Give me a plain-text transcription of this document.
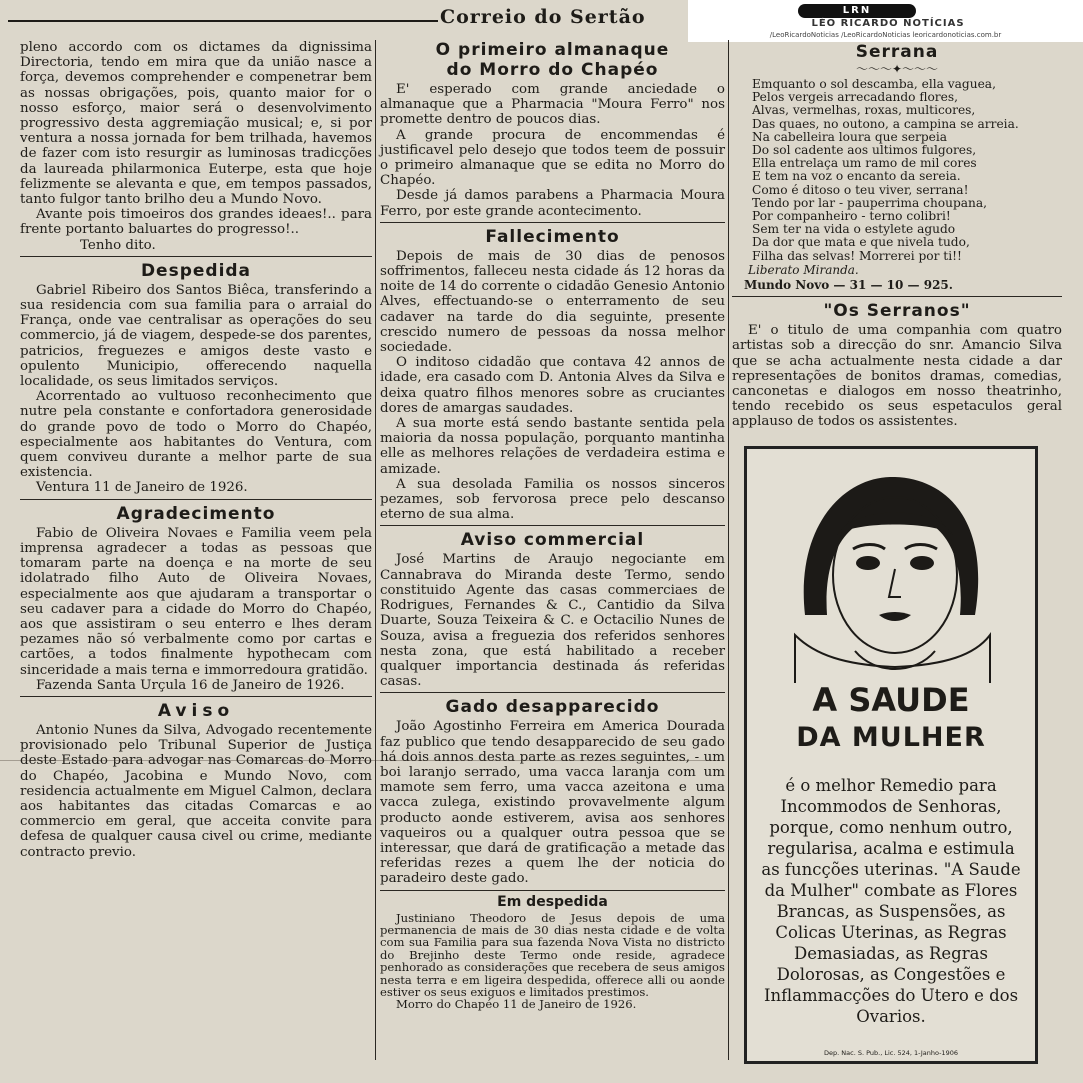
Correio do Sertão	LRN
LÉO RICARDO NOTÍCIAS
/LeoRicardoNoticias /LeoRicardoNoticias leoricardonoticias.com.br

pleno accordo com os dictames da dignissima Directoria, tendo em mira que da união nasce a força, devemos comprehender e compenetrar bem as nossas obrigações, pois, quanto maior for o nosso esforço, maior será o desenvolvimento progressivo desta aggremiação musical; e, si por ventura a nossa jornada for bem trilhada, havemos de fazer com isto resurgir as luminosas tradicções da laureada philarmonica Euterpe, esta que hoje felizmente se alevanta e que, em tempos passados, tanto fulgor tanto brilho deu a Mundo Novo.

Avante pois timoeiros dos grandes ideaes!.. para frente portanto baluartes do progresso!..

Tenho dito.

Despedida

Gabriel Ribeiro dos Santos Biêca, transferindo a sua residencia com sua familia para o arraial do França, onde vae centralisar as operações do seu commercio, já de viagem, despede-se dos parentes, patricios, freguezes e amigos deste vasto e opulento Municipio, offerecendo naquella localidade, os seus limitados serviços.

Acorrentado ao vultuoso reconhecimento que nutre pela constante e confortadora generosidade do grande povo de todo o Morro do Chapéo, especialmente aos habitantes do Ventura, com quem conviveu durante a melhor parte de sua existencia.

Ventura 11 de Janeiro de 1926.

Agradecimento

Fabio de Oliveira Novaes e Familia veem pela imprensa agradecer a todas as pessoas que tomaram parte na doença e na morte de seu idolatrado filho Auto de Oliveira Novaes, especialmente aos que ajudaram a transportar o seu cadaver para a cidade do Morro do Chapéo, aos que assistiram o seu enterro e lhes deram pezames não só verbalmente como por cartas e cartões, a todos finalmente hypothecam com sinceridade a mais terna e immorredoura gratidão.

Fazenda Santa Urçula 16 de Janeiro de 1926.

Aviso

Antonio Nunes da Silva, Advogado recentemente provisionado pelo Tribunal Superior de Justiça deste Estado para advogar nas Comarcas do Morro do Chapéo, Jacobina e Mundo Novo, com residencia actualmente em Miguel Calmon, declara aos habitantes das citadas Comarcas e ao commercio em geral, que acceita convite para defesa de qualquer causa civel ou crime, mediante contracto previo.

O primeiro almanaque
do Morro do Chapéo

E' esperado com grande anciedade o almanaque que a Pharmacia "Moura Ferro" nos promette dentro de poucos dias.

A grande procura de encommendas é justificavel pelo desejo que todos teem de possuir o primeiro almanaque que se edita no Morro do Chapéo.

Desde já damos parabens a Pharmacia Moura Ferro, por este grande acontecimento.

Fallecimento

Depois de mais de 30 dias de penosos soffrimentos, falleceu nesta cidade ás 12 horas da noite de 14 do corrente o cidadão Genesio Antonio Alves, effectuando-se o enterramento de seu cadaver na tarde do dia seguinte, presente crescido numero de pessoas da nossa melhor sociedade.

O inditoso cidadão que contava 42 annos de idade, era casado com D. Antonia Alves da Silva e deixa quatro filhos menores sobre as cruciantes dores de amargas saudades.

A sua morte está sendo bastante sentida pela maioria da nossa população, porquanto mantinha elle as melhores relações de verdadeira estima e amizade.

A sua desolada Familia os nossos sinceros pezames, sob fervorosa prece pelo descanso eterno de sua alma.

Aviso commercial

José Martins de Araujo negociante em Cannabrava do Miranda deste Termo, sendo constituido Agente das casas commerciaes de Rodrigues, Fernandes & C., Cantidio da Silva Duarte, Souza Teixeira & C. e Octacilio Nunes de Souza, avisa a freguezia dos referidos senhores nesta zona, que está habilitado a receber qualquer importancia destinada ás referidas casas.

Gado desapparecido

João Agostinho Ferreira em America Dourada faz publico que tendo desapparecido de seu gado há dois annos desta parte as rezes seguintes, - um boi laranjo serrado, uma vacca laranja com um mamote sem ferro, uma vacca azeitona e uma vacca zulega, existindo provavelmente algum producto aonde estiverem, avisa aos senhores vaqueiros ou a qualquer outra pessoa que se interessar, que dará de gratificação a metade das referidas rezes a quem lhe der noticia do paradeiro deste gado.

Em despedida

Justiniano Theodoro de Jesus depois de uma permanencia de mais de 30 dias nesta cidade e de volta com sua Familia para sua fazenda Nova Vista no districto do Brejinho deste Termo onde reside, agradece penhorado as considerações que recebera de seus amigos nesta terra e em ligeira despedida, offerece alli ou aonde estiver os seus exiguos e limitados prestimos.

Morro do Chapéo 11 de Janeiro de 1926.

Serrana
〜〜〜✦〜〜〜
Emquanto o sol descamba, ella vaguea,
Pelos vergeis arrecadando flores,
Alvas, vermelhas, roxas, multicores,
Das quaes, no outono, a campina se arreia.
Na cabelleira loura que serpeia
Do sol cadente aos ultimos fulgores,
Ella entrelaça um ramo de mil cores
E tem na voz o encanto da sereia.
Como é ditoso o teu viver, serrana!
Tendo por lar - pauperrima choupana,
Por companheiro - terno colibri!
Sem ter na vida o estylete agudo
Da dor que mata e que nivela tudo,
Filha das selvas! Morrerei por ti!!

Liberato Miranda.

Mundo Novo — 31 — 10 — 925.

"Os Serranos"

E' o titulo de uma companhia com quatro artistas sob a direcção do snr. Amancio Silva que se acha actualmente nesta cidade a dar representações de bonitos dramas, comedias, canconetas e dialogos em nosso theatrinho, tendo recebido os seus espetaculos geral applauso de todos os assistentes.

A SAUDE
DA MULHER
é o melhor Remedio para Incommodos de Senhoras, porque, como nenhum outro, regularisa, acalma e estimula as funcções uterinas. "A Saude da Mulher" combate as Flores Brancas, as Suspensões, as Colicas Uterinas, as Regras Demasiadas, as Regras Dolorosas, as Congestões e Inflammacções do Utero e dos Ovarios.
Dep. Nac. S. Pub., Lic. 524, 1-Janho-1906
